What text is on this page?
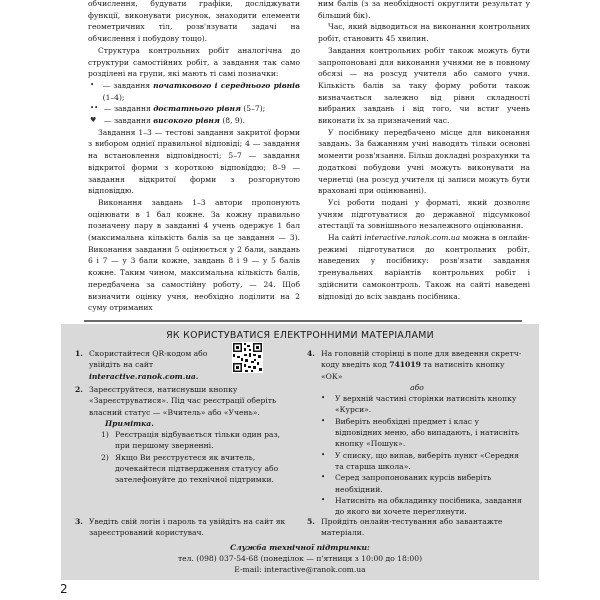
обчислення, будувати графіки, досліджувати функції, виконувати рисунок, знаходити елементи геометричних тіл, розв'язувати задачі на обчислення і побудову тощо).

Структура контрольних робіт аналогічна до структури самостійних робіт, а завдання так само розділені на групи, які мають ті самі позначки:

•	— завдання початкового і середнього рівнів (1–4);
•• — завдання достатнього рівня (5–7);
♥	— завдання високого рівня (8, 9).

Завдання 1–3 — тестові завдання закритої форми з вибором однієї правильної відповіді; 4 — завдання на встановлення відповідності; 5–7 — завдання відкритої форми з короткою відповіддю; 8–9 — завдання відкритої форми з розгорнутою відповіддю.

Виконання завдань 1–3 автори пропонують оцінювати в 1 бал кожне. За кожну правильно позначену пару в завданні 4 учень одержує 1 бал (максимальна кількість балів за це завдання — 3). Виконання завдання 5 оцінюється у 2 бали, завдань 6 і 7 — у 3 бали кожне, завдань 8 і 9 — у 5 балів кожне. Таким чином, максимальна кількість балів, передбачена за самостійну роботу, — 24. Щоб визначити оцінку учня, необхідно поділити на 2 суму отриманих

ним балів (з за необхідності округлити результат у більший бік).

Час, який відводиться на виконання контрольних робіт, становить 45 хвилин.

Завдання контрольних робіт також можуть бути запропоновані для виконання учнями не в повному обсязі — на розсуд учителя або самого учня. Кількість балів за таку форму роботи також визначається залежно від рівня складності вибраних завдань і від того, чи встиг учень виконати їх за призначений час.

У посібнику передбачено місце для виконання завдань. За бажанням учні наводять тільки основні моменти розв'язання. Більш докладні розрахунки та додаткові побудови учні можуть виконувати на чернетці (на розсуд учителя ці записи можуть бути враховані при оцінюванні).

Усі роботи подані у форматі, який дозволяє учням підготуватися до державної підсумкової атестації та зовнішнього незалежного оцінювання.

На сайті interactive.ranok.com.ua можна в онлайн-режимі підготуватися до контрольних робіт, наведених у посібнику: розв'язати завдання тренувальних варіантів контрольних робіт і здійснити самоконтроль. Також на сайті наведені відповіді до всіх завдань посібника.

ЯК КОРИСТУВАТИСЯ ЕЛЕКТРОННИМИ МАТЕРІАЛАМИ
1. Скористайтеся QR-кодом або увійдіть на сайт interactive.ranok.com.ua.
2. Зареєструйтеся, натиснувши кнопку «Зареєструватися». Під час реєстрації оберіть власний статус — «Вчитель» або «Учень».
Примітка.
1) Реєстрація відбувається тільки один раз, при першому зверненні.
2) Якщо Ви реєструєтеся як вчитель, дочекайтеся підтвердження статусу або зателефонуйте до технічної підтримки.
3. Уведіть свій логін і пароль та увійдіть на сайт як зареєстрований користувач.
4. На головній сторінці в поле для введення скретч-коду введіть код 741019 та натисніть кнопку «ОК»
або
•	У верхній частині сторінки натисніть кнопку «Курси».
•	Виберіть необхідні предмет і клас у відповідних меню, або випадають, і натисніть кнопку «Пошук».
•	У списку, що випав, виберіть пункт «Середня та старша школа».
•	Серед запропонованих курсів виберіть необхідний.
•	Натисніть на обкладинку посібника, завдання до якого ви хочете переглянути.
5. Пройдіть онлайн-тестування або завантажте матеріали.
Служба технічної підтримки:
тел. (098) 037-54-68 (понеділок — п'ятниця з 10:00 до 18:00)
E-mail: interactive@ranok.com.ua
2
